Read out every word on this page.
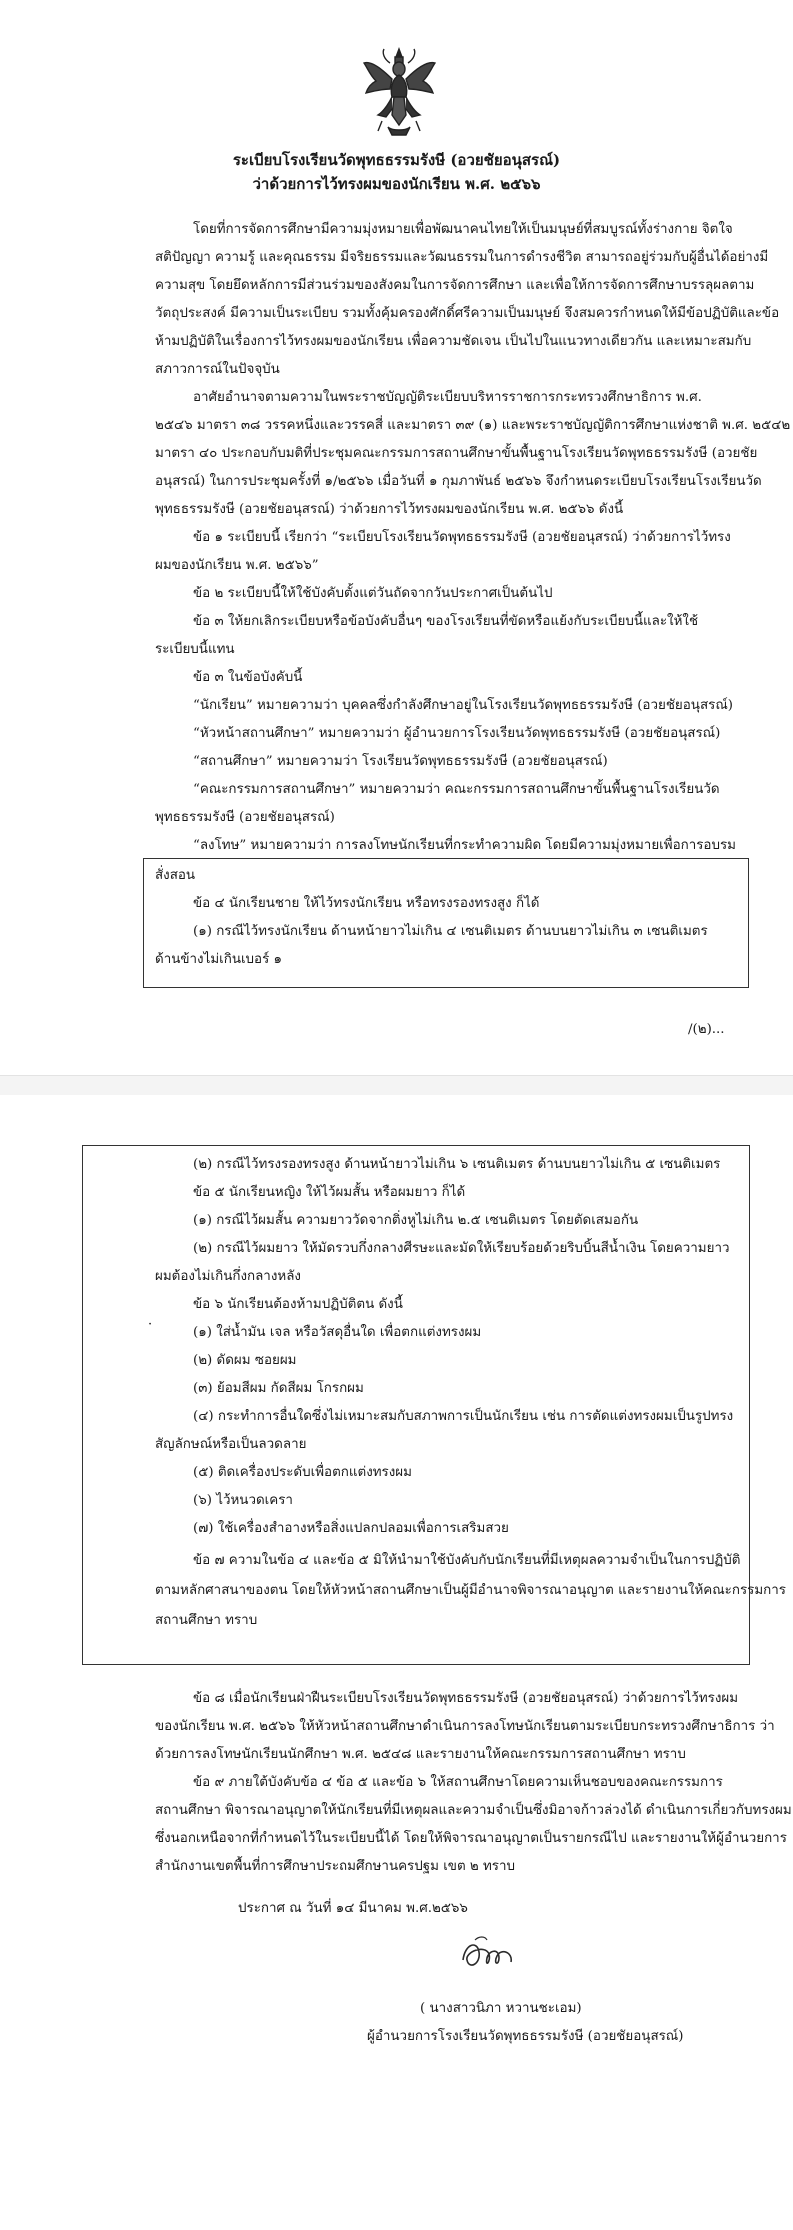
ระเบียบโรงเรียนวัดพุทธธรรมรังษี (อวยชัยอนุสรณ์)
ว่าด้วยการไว้ทรงผมของนักเรียน พ.ศ. ๒๕๖๖
โดยที่การจัดการศึกษามีความมุ่งหมายเพื่อพัฒนาคนไทยให้เป็นมนุษย์ที่สมบูรณ์ทั้งร่างกาย จิตใจ
สติปัญญา ความรู้ และคุณธรรม มีจริยธรรมและวัฒนธรรมในการดำรงชีวิต สามารถอยู่ร่วมกับผู้อื่นได้อย่างมี
ความสุข โดยยึดหลักการมีส่วนร่วมของสังคมในการจัดการศึกษา และเพื่อให้การจัดการศึกษาบรรลุผลตาม
วัตถุประสงค์ มีความเป็นระเบียบ รวมทั้งคุ้มครองศักดิ์ศรีความเป็นมนุษย์ จึงสมควรกำหนดให้มีข้อปฏิบัติและข้อ
ห้ามปฏิบัติในเรื่องการไว้ทรงผมของนักเรียน เพื่อความชัดเจน เป็นไปในแนวทางเดียวกัน และเหมาะสมกับ
สภาวการณ์ในปัจจุบัน
อาศัยอำนาจตามความในพระราชบัญญัติระเบียบบริหารราชการกระทรวงศึกษาธิการ พ.ศ.
๒๕๔๖ มาตรา ๓๘ วรรคหนึ่งและวรรคสี่ และมาตรา ๓๙ (๑) และพระราชบัญญัติการศึกษาแห่งชาติ พ.ศ. ๒๕๔๒
มาตรา ๔๐ ประกอบกับมติที่ประชุมคณะกรรมการสถานศึกษาขั้นพื้นฐานโรงเรียนวัดพุทธธรรมรังษี (อวยชัย
อนุสรณ์) ในการประชุมครั้งที่ ๑/๒๕๖๖ เมื่อวันที่ ๑ กุมภาพันธ์ ๒๕๖๖ จึงกำหนดระเบียบโรงเรียนโรงเรียนวัด
พุทธธรรมรังษี (อวยชัยอนุสรณ์) ว่าด้วยการไว้ทรงผมของนักเรียน พ.ศ. ๒๕๖๖ ดังนี้
ข้อ ๑ ระเบียบนี้ เรียกว่า “ระเบียบโรงเรียนวัดพุทธธรรมรังษี (อวยชัยอนุสรณ์) ว่าด้วยการไว้ทรง
ผมของนักเรียน พ.ศ. ๒๕๖๖”
ข้อ ๒ ระเบียบนี้ให้ใช้บังคับตั้งแต่วันถัดจากวันประกาศเป็นต้นไป
ข้อ ๓ ให้ยกเลิกระเบียบหรือข้อบังคับอื่นๆ ของโรงเรียนที่ขัดหรือแย้งกับระเบียบนี้และให้ใช้
ระเบียบนี้แทน
ข้อ ๓ ในข้อบังคับนี้
“นักเรียน” หมายความว่า บุคคลซึ่งกำลังศึกษาอยู่ในโรงเรียนวัดพุทธธรรมรังษี (อวยชัยอนุสรณ์)
“หัวหน้าสถานศึกษา” หมายความว่า ผู้อำนวยการโรงเรียนวัดพุทธธรรมรังษี (อวยชัยอนุสรณ์)
“สถานศึกษา” หมายความว่า โรงเรียนวัดพุทธธรรมรังษี (อวยชัยอนุสรณ์)
“คณะกรรมการสถานศึกษา” หมายความว่า คณะกรรมการสถานศึกษาขั้นพื้นฐานโรงเรียนวัด
พุทธธรรมรังษี (อวยชัยอนุสรณ์)
“ลงโทษ” หมายความว่า การลงโทษนักเรียนที่กระทำความผิด โดยมีความมุ่งหมายเพื่อการอบรม
สั่งสอน
ข้อ ๔ นักเรียนชาย ให้ไว้ทรงนักเรียน หรือทรงรองทรงสูง ก็ได้
(๑) กรณีไว้ทรงนักเรียน ด้านหน้ายาวไม่เกิน ๔ เซนติเมตร ด้านบนยาวไม่เกิน ๓ เซนติเมตร
ด้านข้างไม่เกินเบอร์ ๑
/(๒)...
(๒) กรณีไว้ทรงรองทรงสูง ด้านหน้ายาวไม่เกิน ๖ เซนติเมตร ด้านบนยาวไม่เกิน ๕ เซนติเมตร
ข้อ ๕ นักเรียนหญิง ให้ไว้ผมสั้น หรือผมยาว ก็ได้
(๑) กรณีไว้ผมสั้น ความยาววัดจากติ่งหูไม่เกิน ๒.๕ เซนติเมตร โดยตัดเสมอกัน
(๒) กรณีไว้ผมยาว ให้มัดรวบกึ่งกลางศีรษะและมัดให้เรียบร้อยด้วยริบบิ้นสีน้ำเงิน โดยความยาว
ผมต้องไม่เกินกึ่งกลางหลัง
ข้อ ๖ นักเรียนต้องห้ามปฏิบัติตน ดังนี้
·
(๑) ใส่น้ำมัน เจล หรือวัสดุอื่นใด เพื่อตกแต่งทรงผม
(๒) ดัดผม ซอยผม
(๓) ย้อมสีผม กัดสีผม โกรกผม
(๔) กระทำการอื่นใดซึ่งไม่เหมาะสมกับสภาพการเป็นนักเรียน เช่น การตัดแต่งทรงผมเป็นรูปทรง
สัญลักษณ์หรือเป็นลวดลาย
(๕) ติดเครื่องประดับเพื่อตกแต่งทรงผม
(๖) ไว้หนวดเครา
(๗) ใช้เครื่องสำอางหรือสิ่งแปลกปลอมเพื่อการเสริมสวย
ข้อ ๗ ความในข้อ ๔ และข้อ ๕ มิให้นำมาใช้บังคับกับนักเรียนที่มีเหตุผลความจำเป็นในการปฏิบัติ
ตามหลักศาสนาของตน โดยให้หัวหน้าสถานศึกษาเป็นผู้มีอำนาจพิจารณาอนุญาต และรายงานให้คณะกรรมการ
สถานศึกษา ทราบ
ข้อ ๘ เมื่อนักเรียนฝ่าฝืนระเบียบโรงเรียนวัดพุทธธรรมรังษี (อวยชัยอนุสรณ์) ว่าด้วยการไว้ทรงผม
ของนักเรียน พ.ศ. ๒๕๖๖ ให้หัวหน้าสถานศึกษาดำเนินการลงโทษนักเรียนตามระเบียบกระทรวงศึกษาธิการ ว่า
ด้วยการลงโทษนักเรียนนักศึกษา พ.ศ. ๒๕๔๘ และรายงานให้คณะกรรมการสถานศึกษา ทราบ
ข้อ ๙ ภายใต้บังคับข้อ ๔ ข้อ ๕ และข้อ ๖ ให้สถานศึกษาโดยความเห็นชอบของคณะกรรมการ
สถานศึกษา พิจารณาอนุญาตให้นักเรียนที่มีเหตุผลและความจำเป็นซึ่งมิอาจก้าวล่วงได้ ดำเนินการเกี่ยวกับทรงผม
ซึ่งนอกเหนือจากที่กำหนดไว้ในระเบียบนี้ได้ โดยให้พิจารณาอนุญาตเป็นรายกรณีไป และรายงานให้ผู้อำนวยการ
สำนักงานเขตพื้นที่การศึกษาประถมศึกษานครปฐม เขต ๒ ทราบ
ประกาศ ณ วันที่ ๑๔ มีนาคม พ.ศ.๒๕๖๖
( นางสาวนิภา หวานชะเอม)
ผู้อำนวยการโรงเรียนวัดพุทธธรรมรังษี (อวยชัยอนุสรณ์)
